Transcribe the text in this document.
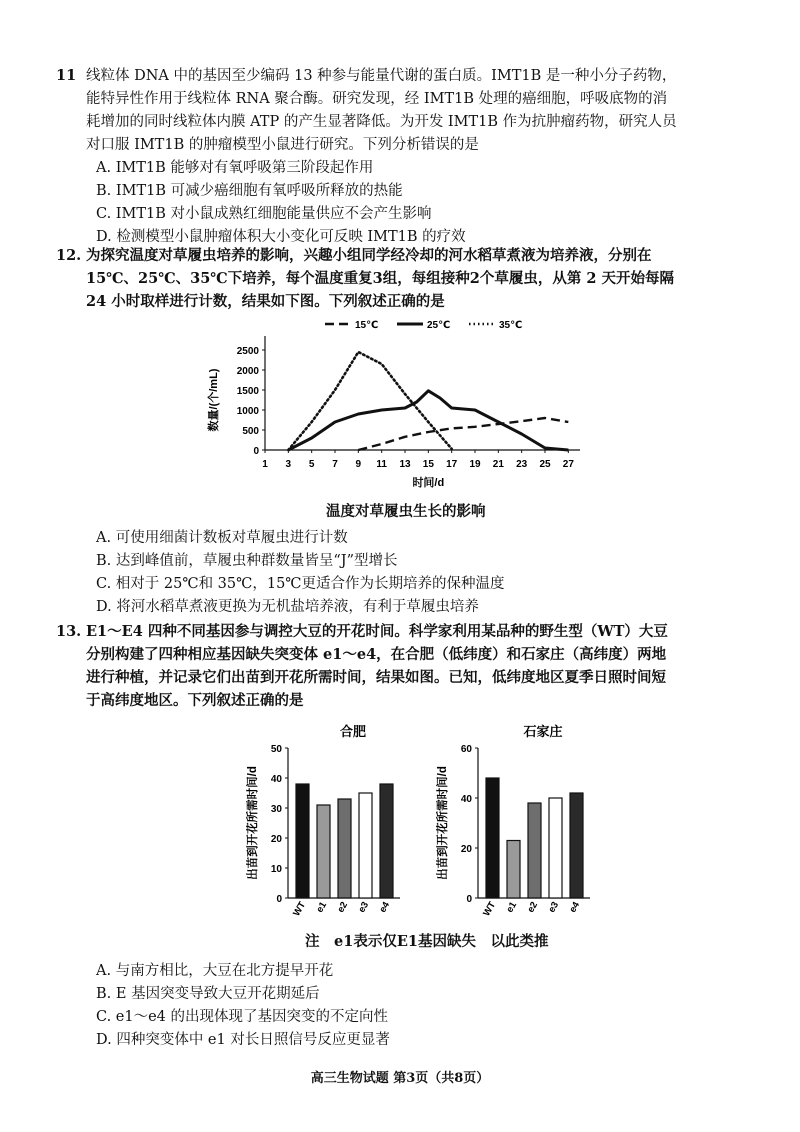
11 线粒体 DNA 中的基因至少编码 13 种参与能量代谢的蛋白质。IMT1B 是一种小分子药物，
能特异性作用于线粒体 RNA 聚合酶。研究发现，经 IMT1B 处理的癌细胞，呼吸底物的消
耗增加的同时线粒体内膜 ATP 的产生显著降低。为开发 IMT1B 作为抗肿瘤药物，研究人员
对口服 IMT1B 的肿瘤模型小鼠进行研究。下列分析错误的是
A. IMT1B 能够对有氧呼吸第三阶段起作用
B. IMT1B 可减少癌细胞有氧呼吸所释放的热能
C. IMT1B 对小鼠成熟红细胞能量供应不会产生影响
D. 检测模型小鼠肿瘤体积大小变化可反映 IMT1B 的疗效
12. 为探究温度对草履虫培养的影响，兴趣小组同学经冷却的河水稻草煮液为培养液，分别在
15℃、25℃、35℃下培养，每个温度重复3组，每组接种2个草履虫，从第 2 天开始每隔
24 小时取样进行计数，结果如下图。下列叙述正确的是
0
500
1000
1500
2000
2500
1 3 5 7 9 11 13 15 17 19 21 23 25 27
时间/d
数量/(个/mL)
15℃	25℃	35℃
温度对草履虫生长的影响
A. 可使用细菌计数板对草履虫进行计数
B. 达到峰值前，草履虫种群数量皆呈“J”型增长
C. 相对于 25℃和 35℃，15℃更适合作为长期培养的保种温度
D. 将河水稻草煮液更换为无机盐培养液，有利于草履虫培养
13. E1～E4 四种不同基因参与调控大豆的开花时间。科学家利用某品种的野生型（WT）大豆
分别构建了四种相应基因缺失突变体 e1～e4，在合肥（低纬度）和石家庄（高纬度）两地
进行种植，并记录它们出苗到开花所需时间，结果如图。已知，低纬度地区夏季日照时间短
于高纬度地区。下列叙述正确的是
合肥
出苗到开花所需时间/d
0
10
20
30
40
50
WT e1 e2 e3 e4
石家庄
出苗到开花所需时间/d
0
20
40
60
WT e1 e2 e3 e4
注　e1表示仅E1基因缺失　以此类推
A. 与南方相比，大豆在北方提早开花
B. E 基因突变导致大豆开花期延后
C. e1～e4 的出现体现了基因突变的不定向性
D. 四种突变体中 e1 对长日照信号反应更显著
高三生物试题 第3页（共8页）
